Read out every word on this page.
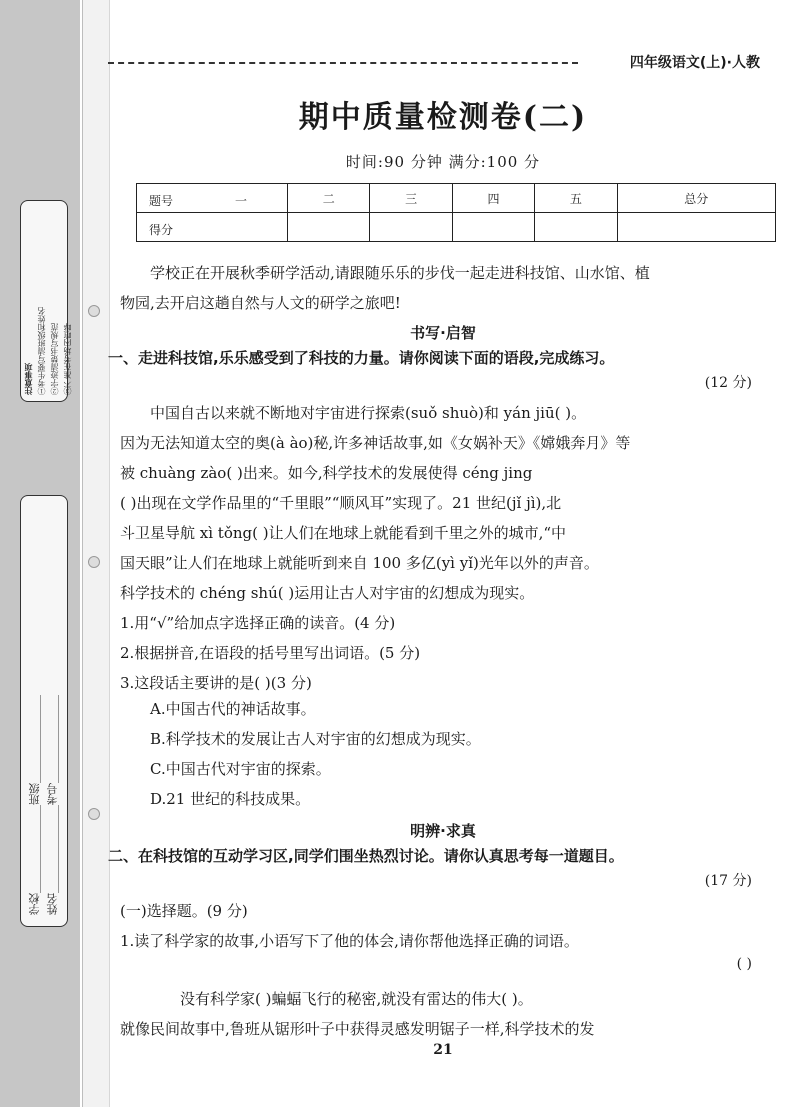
注意事项 ①考生要写清班级和姓名 ②字迹清楚书写规范 ③不准在考场内喧哗
学校________________班级________________
姓名________________考号________________
四年级语文(上)·人教
期中质量检测卷(二)
时间:90 分钟 满分:100 分
题号 一	二	三	四	五	总分

得分					

学校正在开展秋季研学活动,请跟随乐乐的步伐一起走进科技馆、山水馆、植
物园,去开启这趟自然与人文的研学之旅吧!
书写·启智
一、走进科技馆,乐乐感受到了科技的力量。请你阅读下面的语段,完成练习。
(12 分)
中国自古以来就不断地对宇宙进行探索(suǒ shuò)和 yán jiū( )。
因为无法知道太空的奥(à ào)秘,许多神话故事,如《女娲补天》《嫦娥奔月》等
被 chuàng zào( )出来。如今,科学技术的发展使得 céng jing
( )出现在文学作品里的“千里眼”“顺风耳”实现了。21 世纪(jǐ jì),北
斗卫星导航 xì tǒng( )让人们在地球上就能看到千里之外的城市,“中
国天眼”让人们在地球上就能听到来自 100 多亿(yì yǐ)光年以外的声音。
科学技术的 chéng shú( )运用让古人对宇宙的幻想成为现实。
1.用“√”给加点字选择正确的读音。(4 分)
2.根据拼音,在语段的括号里写出词语。(5 分)
3.这段话主要讲的是( )(3 分)
A.中国古代的神话故事。
B.科学技术的发展让古人对宇宙的幻想成为现实。
C.中国古代对宇宙的探索。
D.21 世纪的科技成果。
明辨·求真
二、在科技馆的互动学习区,同学们围坐热烈讨论。请你认真思考每一道题目。
(17 分)
(一)选择题。(9 分)
1.读了科学家的故事,小语写下了他的体会,请你帮他选择正确的词语。
( )
没有科学家( )蝙蝠飞行的秘密,就没有雷达的伟大( )。
就像民间故事中,鲁班从锯形叶子中获得灵感发明锯子一样,科学技术的发
21
